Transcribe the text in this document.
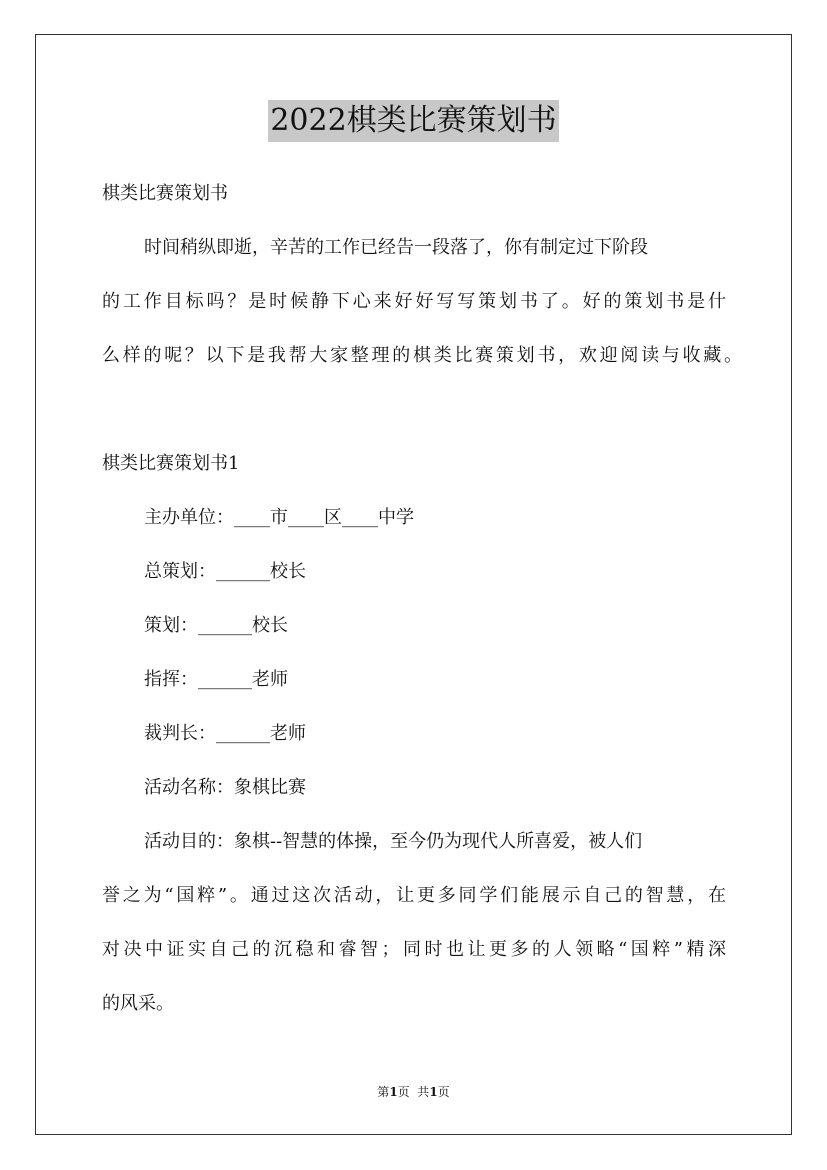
2022棋类比赛策划书
棋类比赛策划书
时间稍纵即逝，辛苦的工作已经告一段落了，你有制定过下阶段
的工作目标吗？是时候静下心来好好写写策划书了。好的策划书是什
么样的呢？以下是我帮大家整理的棋类比赛策划书，欢迎阅读与收藏。
棋类比赛策划书1
主办单位：____市____区____中学
总策划：______校长
策划：______校长
指挥：______老师
裁判长：______老师
活动名称：象棋比赛
活动目的：象棋--智慧的体操，至今仍为现代人所喜爱，被人们
誉之为“国粹”。通过这次活动，让更多同学们能展示自己的智慧，在
对决中证实自己的沉稳和睿智；同时也让更多的人领略“国粹”精深
的风采。
第1页  共1页
